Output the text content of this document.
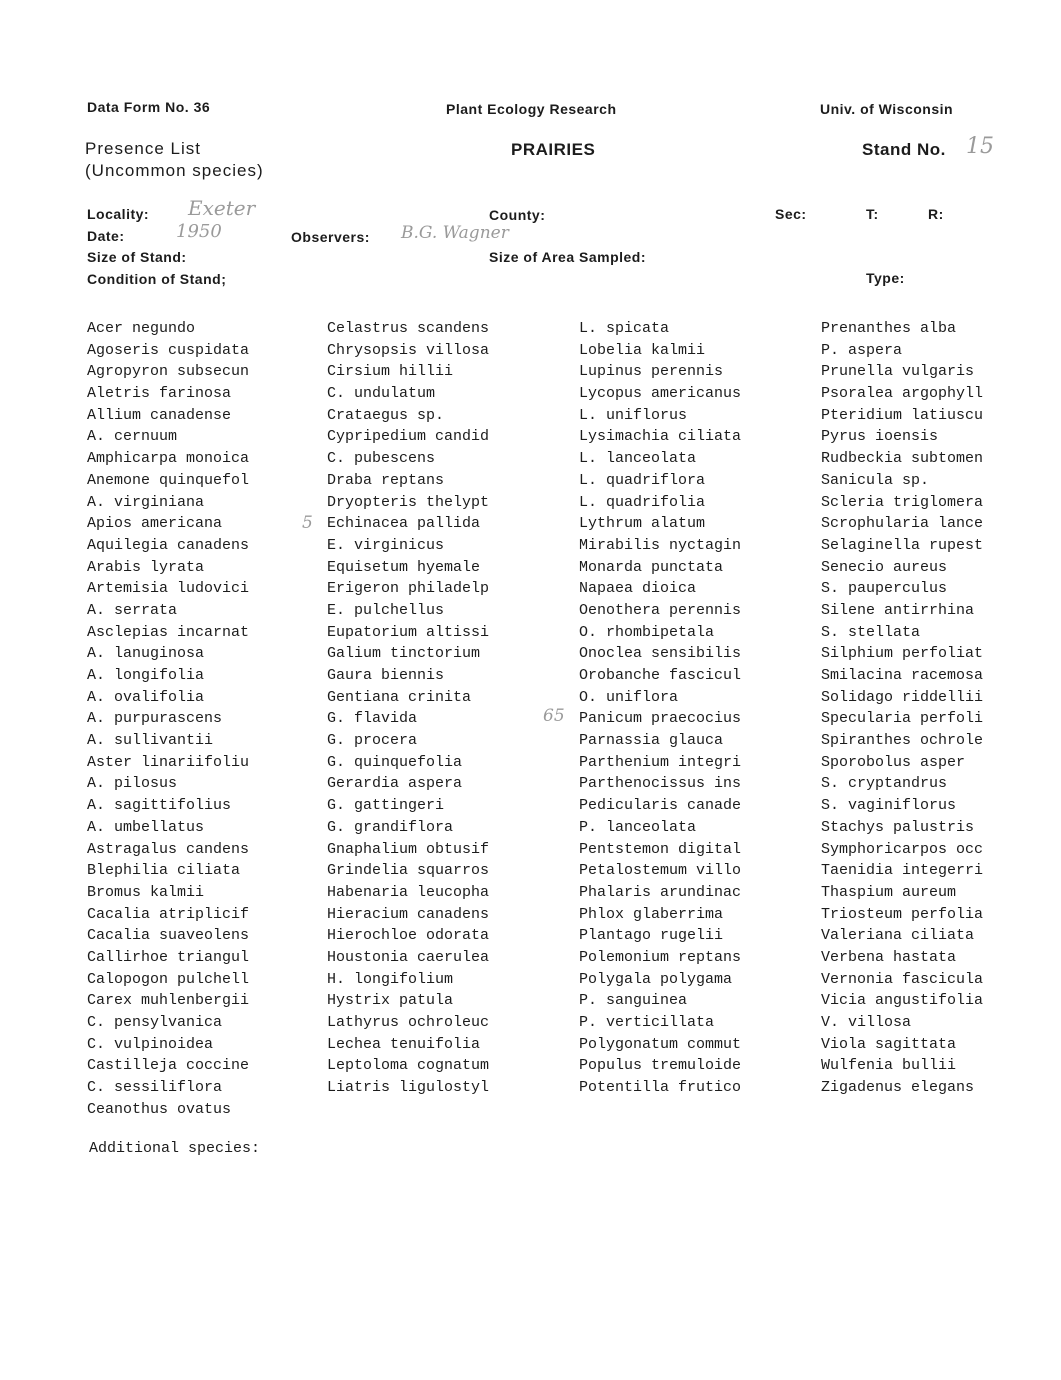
Data Form No. 36	Plant Ecology Research	Univ. of Wisconsin
Presence List
(Uncommon species)
PRAIRIES	Stand No. 15
Locality: Exeter	County:	Sec:	T:	R:
Date:	1950	Observers: B.G. Wagner
Size of Stand:	Size of Area Sampled:
Condition of Stand;	Type:
Acer negundo
Agoseris cuspidata
Agropyron subsecun
Aletris farinosa
Allium canadense
A. cernuum
Amphicarpa monoica
Anemone quinquefol
A. virginiana
Apios americana
Aquilegia canadens
Arabis lyrata
Artemisia ludovici
A. serrata
Asclepias incarnat
A. lanuginosa
A. longifolia
A. ovalifolia
A. purpurascens
A. sullivantii
Aster linariifoliu
A. pilosus
A. sagittifolius
A. umbellatus
Astragalus candens
Blephilia ciliata
Bromus kalmii
Cacalia atriplicif
Cacalia suaveolens
Callirhoe triangul
Calopogon pulchell
Carex muhlenbergii
C. pensylvanica
C. vulpinoidea
Castilleja coccine
C. sessiliflora
Ceanothus ovatus
Celastrus scandens
Chrysopsis villosa
Cirsium hillii
C. undulatum
Crataegus sp.
Cypripedium candid
C. pubescens
Draba reptans
Dryopteris thelypt
Echinacea pallida
E. virginicus
Equisetum hyemale
Erigeron philadelp
E. pulchellus
Eupatorium altissi
Galium tinctorium
Gaura biennis
Gentiana crinita
G. flavida
G. procera
G. quinquefolia
Gerardia aspera
G. gattingeri
G. grandiflora
Gnaphalium obtusif
Grindelia squarros
Habenaria leucopha
Hieracium canadens
Hierochloe odorata
Houstonia caerulea
H. longifolium
Hystrix patula
Lathyrus ochroleuc
Lechea tenuifolia
Leptoloma cognatum
Liatris ligulostyl
L. spicata
Lobelia kalmii
Lupinus perennis
Lycopus americanus
L. uniflorus
Lysimachia ciliata
L. lanceolata
L. quadriflora
L. quadrifolia
Lythrum alatum
Mirabilis nyctagin
Monarda punctata
Napaea dioica
Oenothera perennis
O. rhombipetala
Onoclea sensibilis
Orobanche fascicul
O. uniflora
Panicum praecocius
Parnassia glauca
Parthenium integri
Parthenocissus ins
Pedicularis canade
P. lanceolata
Pentstemon digital
Petalostemum villo
Phalaris arundinac
Phlox glaberrima
Plantago rugelii
Polemonium reptans
Polygala polygama
P. sanguinea
P. verticillata
Polygonatum commut
Populus tremuloide
Potentilla frutico
Prenanthes alba
P. aspera
Prunella vulgaris
Psoralea argophyll
Pteridium latiuscu
Pyrus ioensis
Rudbeckia subtomen
Sanicula sp.
Scleria triglomera
Scrophularia lance
Selaginella rupest
Senecio aureus
S. pauperculus
Silene antirrhina
S. stellata
Silphium perfoliat
Smilacina racemosa
Solidago riddellii
Specularia perfoli
Spiranthes ochrole
Sporobolus asper
S. cryptandrus
S. vaginiflorus
Stachys palustris
Symphoricarpos occ
Taenidia integerri
Thaspium aureum
Triosteum perfolia
Valeriana ciliata
Verbena hastata
Vernonia fascicula
Vicia angustifolia
V. villosa
Viola sagittata
Wulfenia bullii
Zigadenus elegans
5
65
Additional species:
